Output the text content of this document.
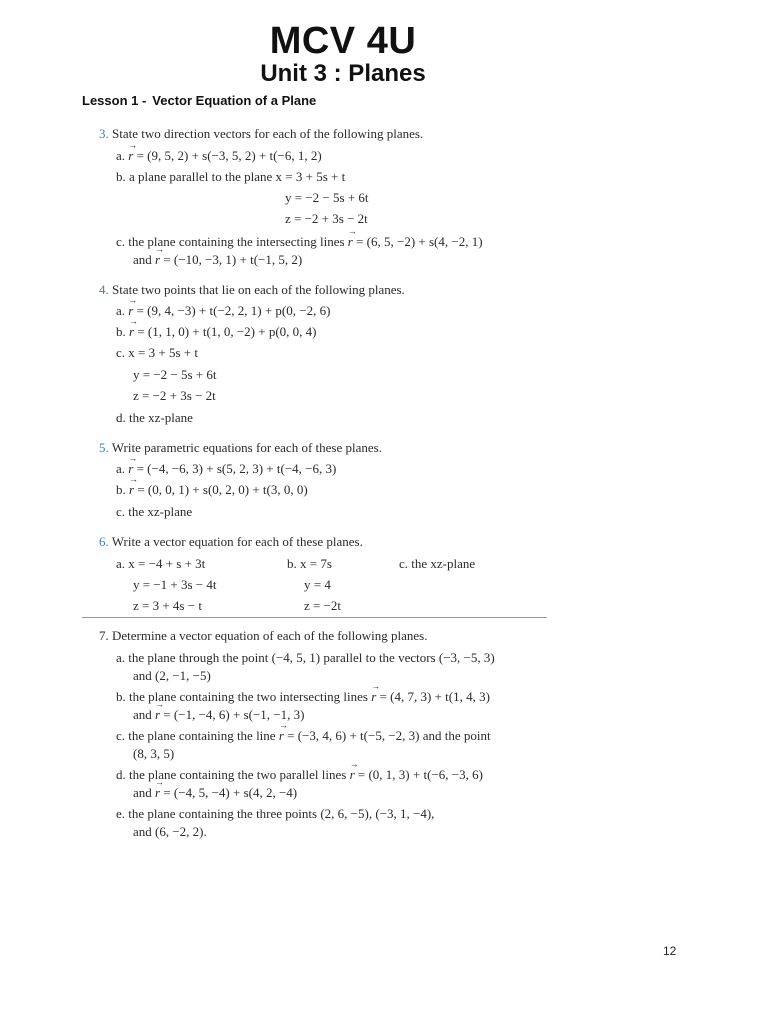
MCV 4U
Unit 3 : Planes
Lesson 1 - Vector Equation of a Plane
3. State two direction vectors for each of the following planes.
a. → r = (9, 5, 2) + s(−3, 5, 2) + t(−6, 1, 2)
b. a plane parallel to the plane x = 3 + 5s + t
y = −2 − 5s + 6t
z = −2 + 3s − 2t
c. the plane containing the intersecting lines → r = (6, 5, −2) + s(4, −2, 1)
and → r = (−10, −3, 1) + t(−1, 5, 2)
4. State two points that lie on each of the following planes.
a. → r = (9, 4, −3) + t(−2, 2, 1) + p(0, −2, 6)
b. → r = (1, 1, 0) + t(1, 0, −2) + p(0, 0, 4)
c. x = 3 + 5s + t
y = −2 − 5s + 6t
z = −2 + 3s − 2t
d. the xz-plane
5. Write parametric equations for each of these planes.
a. → r = (−4, −6, 3) + s(5, 2, 3) + t(−4, −6, 3)
b. → r = (0, 0, 1) + s(0, 2, 0) + t(3, 0, 0)
c. the xz-plane
6. Write a vector equation for each of these planes.
a. x = −4 + s + 3t
y = −1 + 3s − 4t
z = 3 + 4s − t
b. x = 7s
y = 4
z = −2t
c. the xz-plane
7. Determine a vector equation of each of the following planes.
a. the plane through the point (−4, 5, 1) parallel to the vectors (−3, −5, 3)
and (2, −1, −5)
b. the plane containing the two intersecting lines → r = (4, 7, 3) + t(1, 4, 3)
and → r = (−1, −4, 6) + s(−1, −1, 3)
c. the plane containing the line → r = (−3, 4, 6) + t(−5, −2, 3) and the point
(8, 3, 5)
d. the plane containing the two parallel lines → r = (0, 1, 3) + t(−6, −3, 6)
and → r = (−4, 5, −4) + s(4, 2, −4)
e. the plane containing the three points (2, 6, −5), (−3, 1, −4),
and (6, −2, 2).
12
